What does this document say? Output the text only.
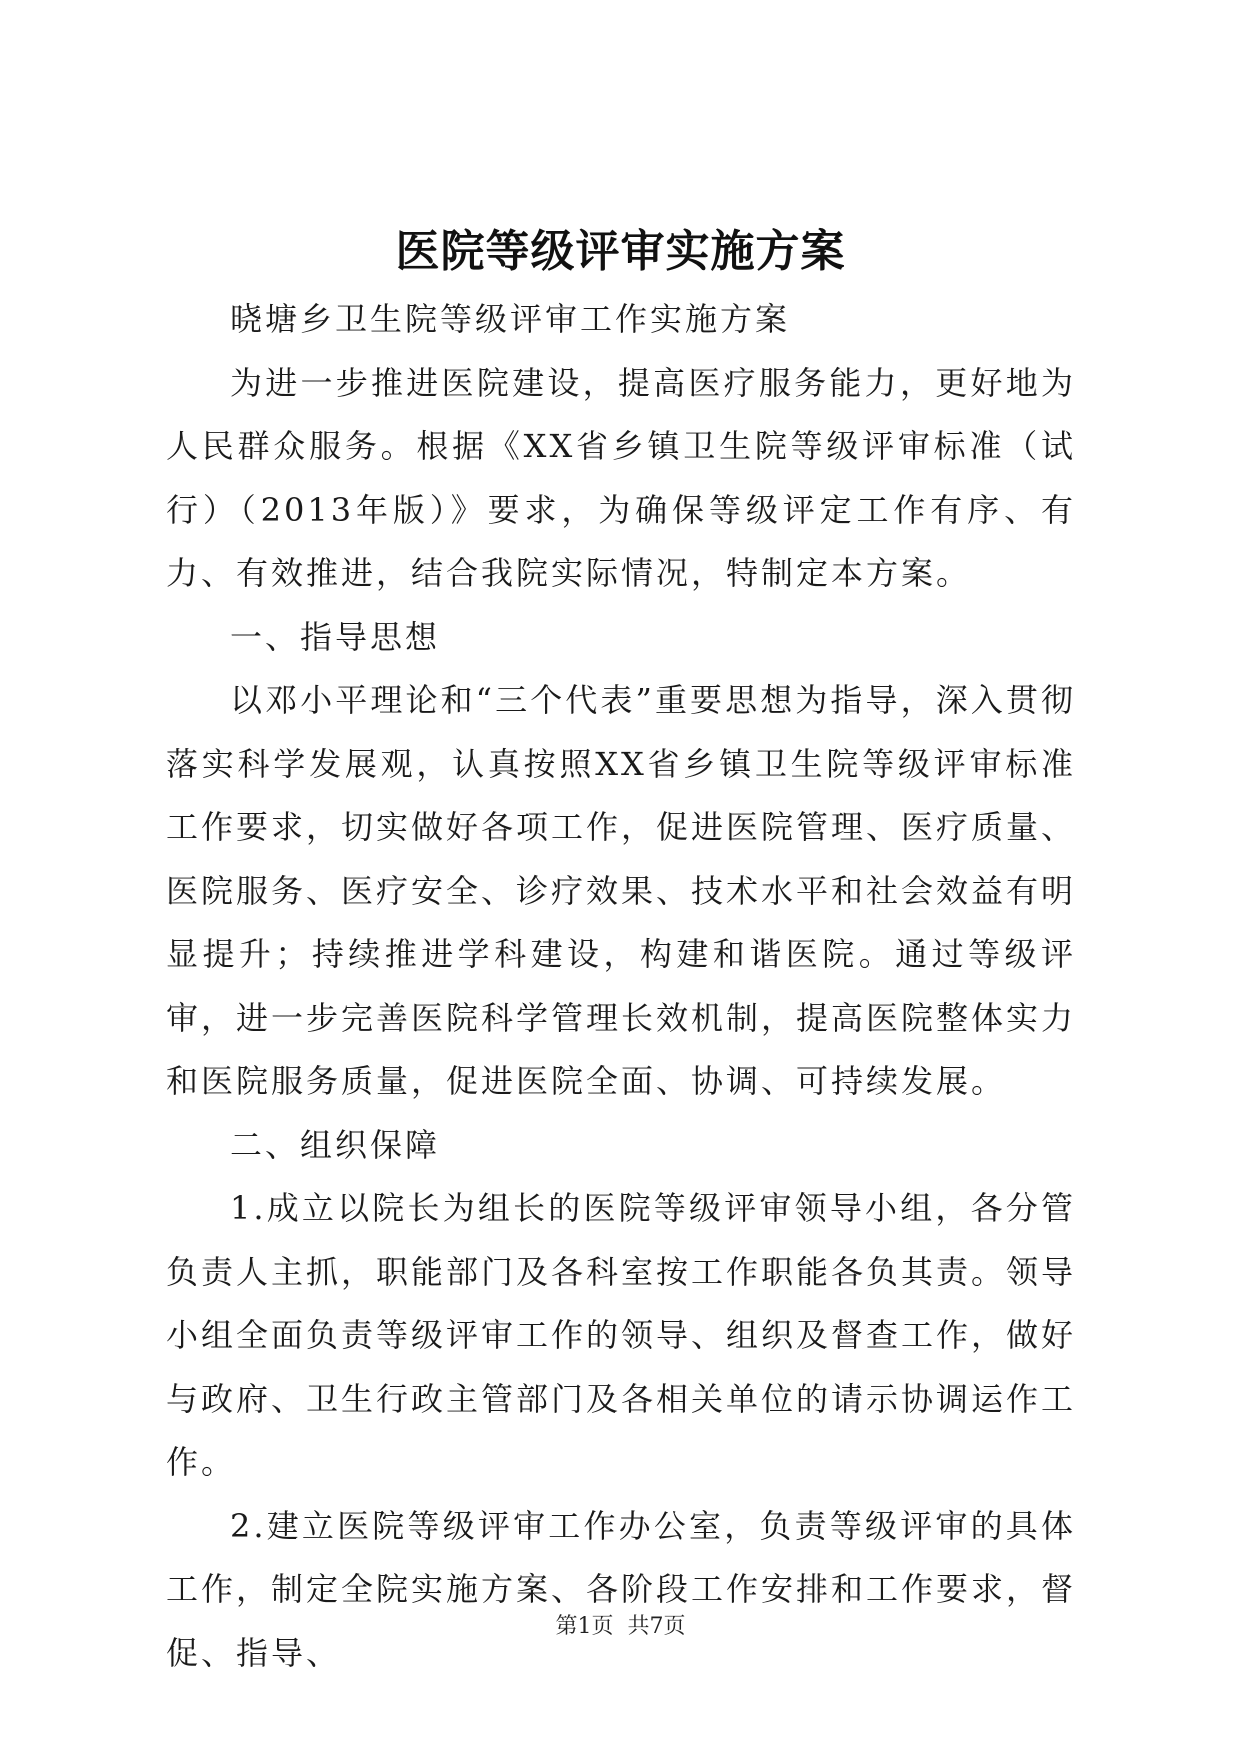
医院等级评审实施方案

晓塘乡卫生院等级评审工作实施方案

为进一步推进医院建设，提高医疗服务能力，更好地为人民群众服务。根据《XX省乡镇卫生院等级评审标准（试行）（2013年版）》要求，为确保等级评定工作有序、有力、有效推进，结合我院实际情况，特制定本方案。

一、指导思想

以邓小平理论和“三个代表”重要思想为指导，深入贯彻落实科学发展观，认真按照XX省乡镇卫生院等级评审标准工作要求，切实做好各项工作，促进医院管理、医疗质量、医院服务、医疗安全、诊疗效果、技术水平和社会效益有明显提升；持续推进学科建设，构建和谐医院。通过等级评审，进一步完善医院科学管理长效机制，提高医院整体实力和医院服务质量，促进医院全面、协调、可持续发展。

二、组织保障

1.成立以院长为组长的医院等级评审领导小组，各分管负责人主抓，职能部门及各科室按工作职能各负其责。领导小组全面负责等级评审工作的领导、组织及督查工作，做好与政府、卫生行政主管部门及各相关单位的请示协调运作工作。

2.建立医院等级评审工作办公室，负责等级评审的具体工作，制定全院实施方案、各阶段工作安排和工作要求，督促、指导、

第1页 共7页
